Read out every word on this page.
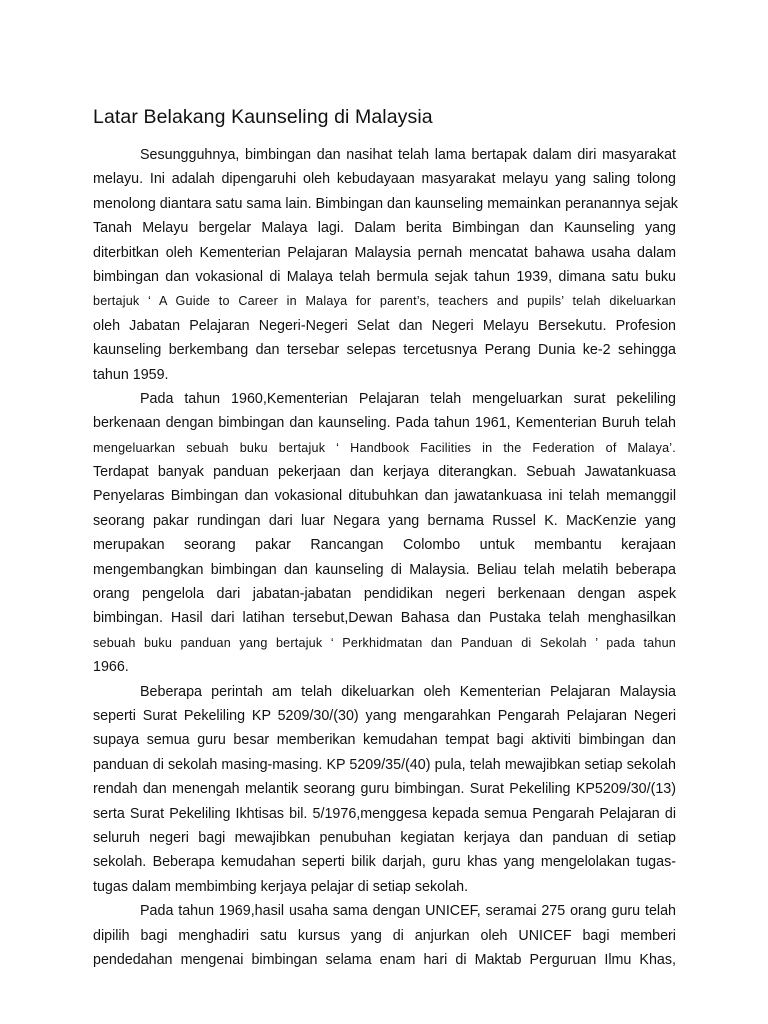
Latar Belakang Kaunseling di Malaysia
Sesungguhnya, bimbingan dan nasihat telah lama bertapak dalam diri masyarakat
melayu. Ini adalah dipengaruhi oleh kebudayaan masyarakat melayu yang saling tolong
menolong diantara satu sama lain. Bimbingan dan kaunseling memainkan peranannya sejak
Tanah Melayu bergelar Malaya lagi. Dalam berita Bimbingan dan Kaunseling yang
diterbitkan oleh Kementerian Pelajaran Malaysia pernah mencatat bahawa usaha dalam
bimbingan dan vokasional di Malaya telah bermula sejak tahun 1939, dimana satu buku
bertajuk ‘ A Guide to Career in Malaya for parent’s, teachers and pupils’ telah dikeluarkan
oleh Jabatan Pelajaran Negeri-Negeri Selat dan Negeri Melayu Bersekutu. Profesion
kaunseling berkembang dan tersebar selepas tercetusnya Perang Dunia ke-2 sehingga
tahun 1959.
Pada tahun 1960,Kementerian Pelajaran telah mengeluarkan surat pekeliling
berkenaan dengan bimbingan dan kaunseling. Pada tahun 1961, Kementerian Buruh telah
mengeluarkan sebuah buku bertajuk ‘ Handbook Facilities in the Federation of Malaya’.
Terdapat banyak panduan pekerjaan dan kerjaya diterangkan. Sebuah Jawatankuasa
Penyelaras Bimbingan dan vokasional ditubuhkan dan jawatankuasa ini telah memanggil
seorang pakar rundingan dari luar Negara yang bernama Russel K. MacKenzie yang
merupakan seorang pakar Rancangan Colombo untuk membantu kerajaan
mengembangkan bimbingan dan kaunseling di Malaysia. Beliau telah melatih beberapa
orang pengelola dari jabatan-jabatan pendidikan negeri berkenaan dengan aspek
bimbingan. Hasil dari latihan tersebut,Dewan Bahasa dan Pustaka telah menghasilkan
sebuah buku panduan yang bertajuk ‘ Perkhidmatan dan Panduan di Sekolah ’ pada tahun
1966.
Beberapa perintah am telah dikeluarkan oleh Kementerian Pelajaran Malaysia
seperti Surat Pekeliling KP 5209/30/(30) yang mengarahkan Pengarah Pelajaran Negeri
supaya semua guru besar memberikan kemudahan tempat bagi aktiviti bimbingan dan
panduan di sekolah masing-masing. KP 5209/35/(40) pula, telah mewajibkan setiap sekolah
rendah dan menengah melantik seorang guru bimbingan. Surat Pekeliling KP5209/30/(13)
serta Surat Pekeliling Ikhtisas bil. 5/1976,menggesa kepada semua Pengarah Pelajaran di
seluruh negeri bagi mewajibkan penubuhan kegiatan kerjaya dan panduan di setiap
sekolah. Beberapa kemudahan seperti bilik darjah, guru khas yang mengelolakan tugas-
tugas dalam membimbing kerjaya pelajar di setiap sekolah.
Pada tahun 1969,hasil usaha sama dengan UNICEF, seramai 275 orang guru telah
dipilih bagi menghadiri satu kursus yang di anjurkan oleh UNICEF bagi memberi
pendedahan mengenai bimbingan selama enam hari di Maktab Perguruan Ilmu Khas,
